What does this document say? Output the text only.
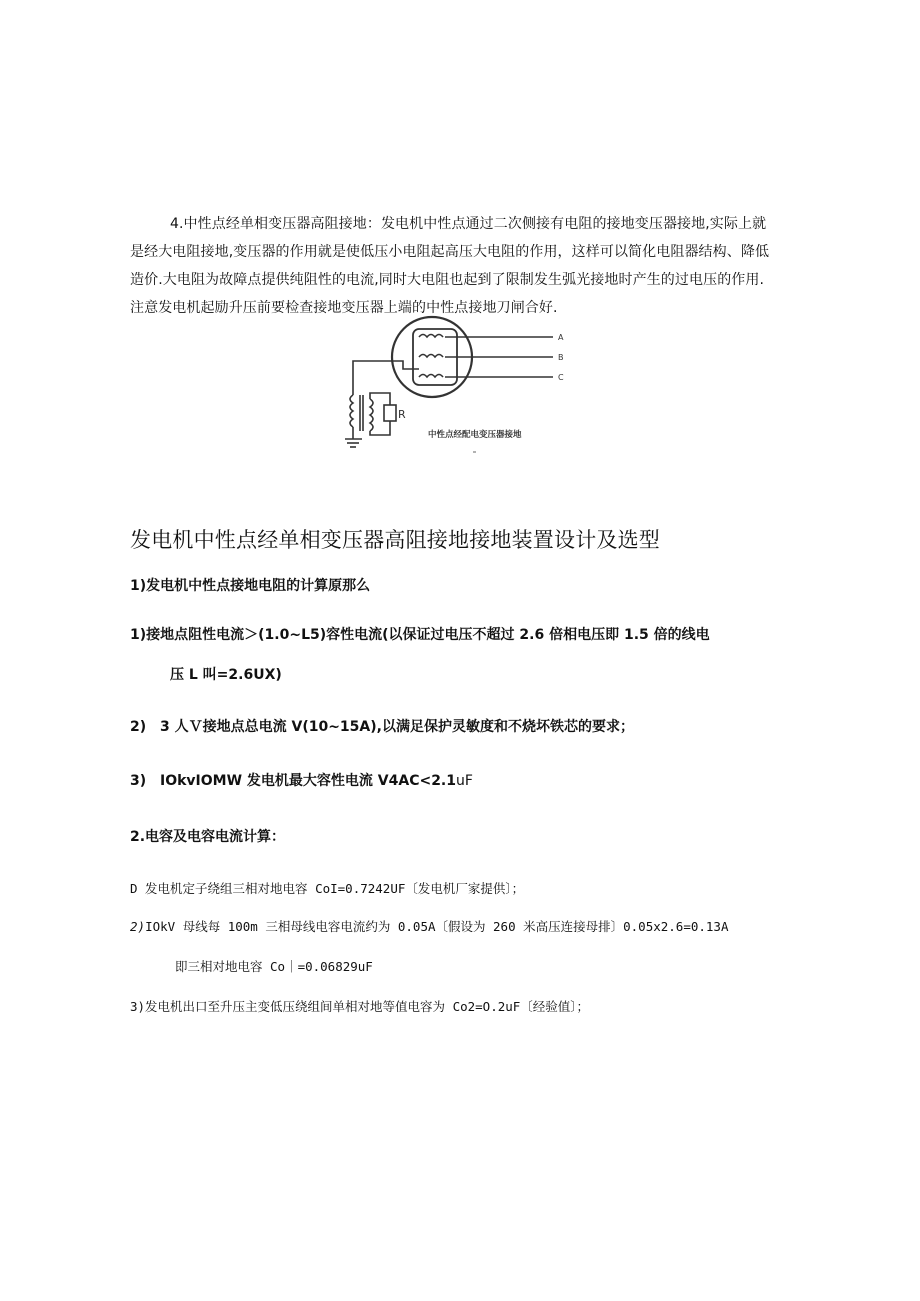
4.中性点经单相变压器高阻接地：发电机中性点通过二次侧接有电阻的接地变压器接地,实际上就是经大电阻接地,变压器的作用就是使低压小电阻起高压大电阻的作用，这样可以简化电阻器结构、降低造价.大电阻为故障点提供纯阻性的电流,同时大电阻也起到了限制发生弧光接地时产生的过电压的作用.注意发电机起励升压前要检查接地变压器上端的中性点接地刀闸合好.

A
B
C
R
中性点经配电变压器接地
发电机中性点经单相变压器高阻接地接地装置设计及选型
1)发电机中性点接地电阻的计算原那么
1)接地点阻性电流＞(1.0~L5)容性电流(以保证过电压不超过 2.6 倍相电压即 1.5 倍的线电
压 L 叫=2.6UX)
2) 3 人Ｖ接地点总电流 V(10~15A),以满足保护灵敏度和不烧坏铁芯的要求；
3) IOkvIOMW 发电机最大容性电流 V4AC<2.1uF
2.电容及电容电流计算：
D 发电机定子绕组三相对地电容 CoI=0.7242UF〔发电机厂家提供〕；
2)IOkV 母线每 100m 三相母线电容电流约为 0.05A〔假设为 260 米高压连接母排〕0.05x2.6=0.13A
即三相对地电容 Co｜=0.06829uF
3)发电机出口至升压主变低压绕组间单相对地等值电容为 Co2=O.2uF〔经验值〕；
